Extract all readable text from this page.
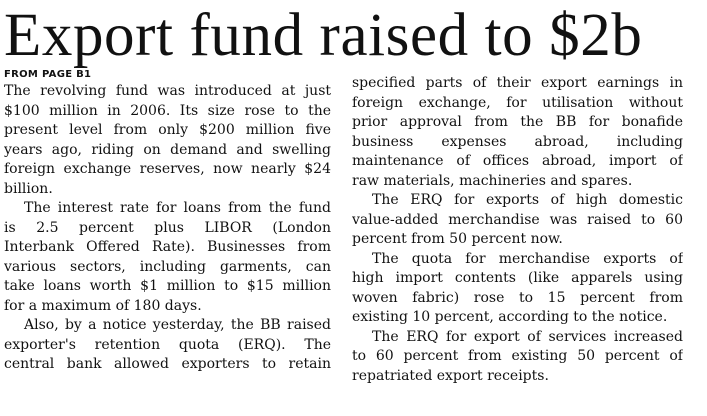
Export fund raised to $2b
FROM PAGE B1
The revolving fund was introduced at just
$100 million in 2006. Its size rose to the
present level from only $200 million five
years ago, riding on demand and swelling
foreign exchange reserves, now nearly $24
billion.
The interest rate for loans from the fund
is 2.5 percent plus LIBOR (London
Interbank Offered Rate). Businesses from
various sectors, including garments, can
take loans worth $1 million to $15 million
for a maximum of 180 days.
Also, by a notice yesterday, the BB raised
exporter's retention quota (ERQ). The
central bank allowed exporters to retain
specified parts of their export earnings in
foreign exchange, for utilisation without
prior approval from the BB for bonafide
business expenses abroad, including
maintenance of offices abroad, import of
raw materials, machineries and spares.
The ERQ for exports of high domestic
value-added merchandise was raised to 60
percent from 50 percent now.
The quota for merchandise exports of
high import contents (like apparels using
woven fabric) rose to 15 percent from
existing 10 percent, according to the notice.
The ERQ for export of services increased
to 60 percent from existing 50 percent of
repatriated export receipts.
